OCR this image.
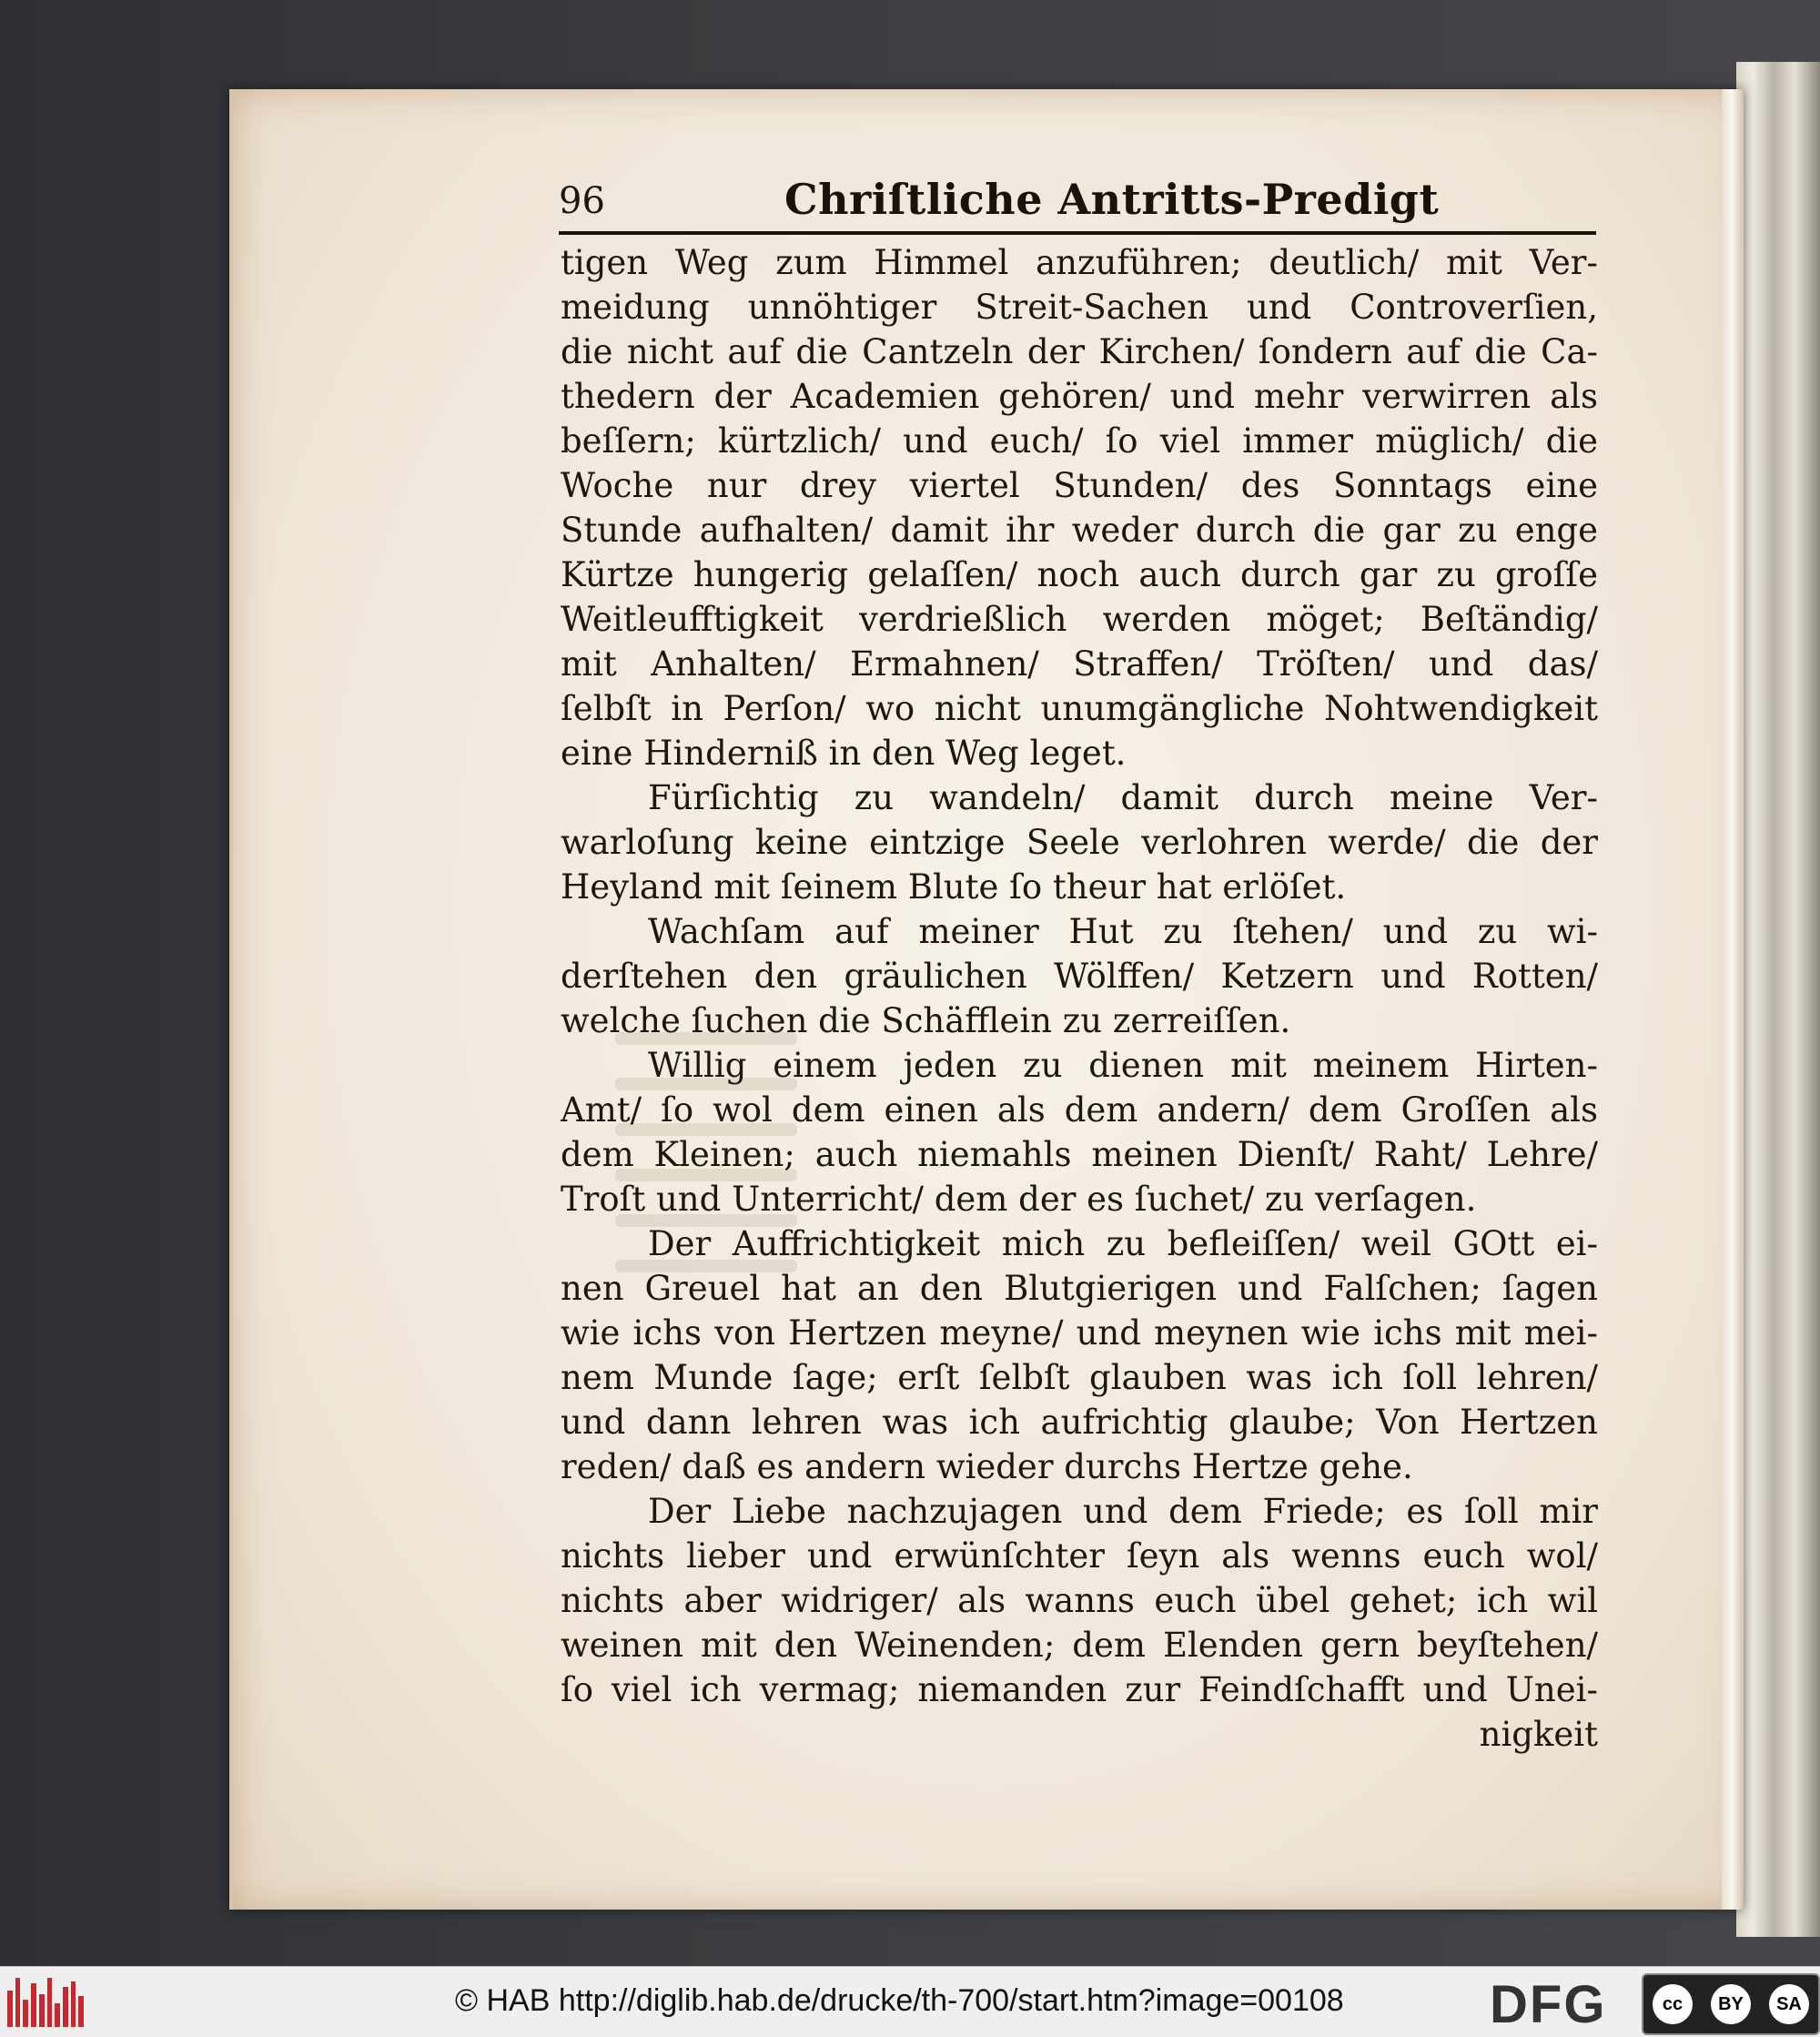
96	Chriſtliche Antritts-Predigt
tigen Weg zum Himmel anzuführen; deutlich/ mit Ver-
meidung unnöhtiger Streit-Sachen und Controverſien,
die nicht auf die Cantzeln der Kirchen/ ſondern auf die Ca-
thedern der Academien gehören/ und mehr verwirren als
beſſern; kürtzlich/ und euch/ ſo viel immer müglich/ die
Woche nur drey viertel Stunden/ des Sonntags eine
Stunde aufhalten/ damit ihr weder durch die gar zu enge
Kürtze hungerig gelaſſen/ noch auch durch gar zu groſſe
Weitleufftigkeit verdrießlich werden möget; Beſtändig/
mit Anhalten/ Ermahnen/ Straffen/ Tröſten/ und das/
ſelbſt in Perſon/ wo nicht unumgängliche Nohtwendigkeit
eine Hinderniß in den Weg leget.
Fürſichtig zu wandeln/ damit durch meine Ver-
warloſung keine eintzige Seele verlohren werde/ die der
Heyland mit ſeinem Blute ſo theur hat erlöſet.
Wachſam auf meiner Hut zu ſtehen/ und zu wi-
derſtehen den gräulichen Wölffen/ Ketzern und Rotten/
welche ſuchen die Schäfflein zu zerreiſſen.
Willig einem jeden zu dienen mit meinem Hirten-
Amt/ ſo wol dem einen als dem andern/ dem Groſſen als
dem Kleinen; auch niemahls meinen Dienſt/ Raht/ Lehre/
Troſt und Unterricht/ dem der es ſuchet/ zu verſagen.
Der Auffrichtigkeit mich zu befleiſſen/ weil GOtt ei-
nen Greuel hat an den Blutgierigen und Falſchen; ſagen
wie ichs von Hertzen meyne/ und meynen wie ichs mit mei-
nem Munde ſage; erſt ſelbſt glauben was ich ſoll lehren/
und dann lehren was ich aufrichtig glaube; Von Hertzen
reden/ daß es andern wieder durchs Hertze gehe.
Der Liebe nachzujagen und dem Friede; es ſoll mir
nichts lieber und erwünſchter ſeyn als wenns euch wol/
nichts aber widriger/ als wanns euch übel gehet; ich wil
weinen mit den Weinenden; dem Elenden gern beyſtehen/
ſo viel ich vermag; niemanden zur Feindſchafft und Unei-
nigkeit
© HAB http://diglib.hab.de/drucke/th-700/start.htm?image=00108	DFG	cc	BY	SA
